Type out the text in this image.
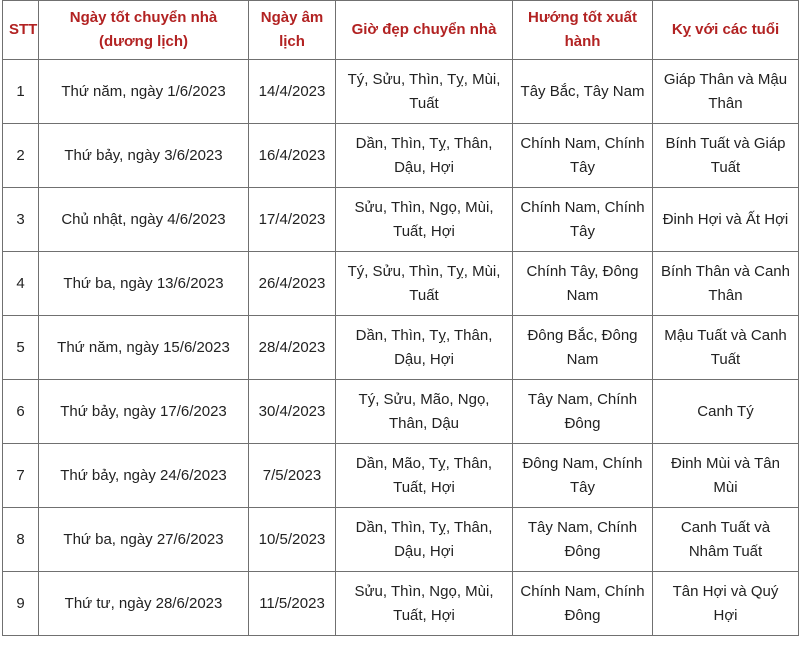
STT	Ngày tốt chuyển nhà (dương lịch)	Ngày âm lịch	Giờ đẹp chuyển nhà	Hướng tốt xuất hành	Kỵ với các tuổi
1	Thứ năm, ngày 1/6/2023	14/4/2023	Tý, Sửu, Thìn, Tỵ, Mùi, Tuất	Tây Bắc, Tây Nam	Giáp Thân và Mậu Thân
2	Thứ bảy, ngày 3/6/2023	16/4/2023	Dần, Thìn, Tỵ, Thân, Dậu, Hợi	Chính Nam, Chính Tây	Bính Tuất và Giáp Tuất
3	Chủ nhật, ngày 4/6/2023	17/4/2023	Sửu, Thìn, Ngọ, Mùi, Tuất, Hợi	Chính Nam, Chính Tây	Đinh Hợi và Ất Hợi
4	Thứ ba, ngày 13/6/2023	26/4/2023	Tý, Sửu, Thìn, Tỵ, Mùi, Tuất	Chính Tây, Đông Nam	Bính Thân và Canh Thân
5	Thứ năm, ngày 15/6/2023	28/4/2023	Dần, Thìn, Tỵ, Thân, Dậu, Hợi	Đông Bắc, Đông Nam	Mậu Tuất và Canh Tuất
6	Thứ bảy, ngày 17/6/2023	30/4/2023	Tý, Sửu, Mão, Ngọ, Thân, Dậu	Tây Nam, Chính Đông	Canh Tý
7	Thứ bảy, ngày 24/6/2023	7/5/2023	Dần, Mão, Tỵ, Thân, Tuất, Hợi	Đông Nam, Chính Tây	Đinh Mùi và Tân Mùi
8	Thứ ba, ngày 27/6/2023	10/5/2023	Dần, Thìn, Tỵ, Thân, Dậu, Hợi	Tây Nam, Chính Đông	Canh Tuất và Nhâm Tuất
9	Thứ tư, ngày 28/6/2023	11/5/2023	Sửu, Thìn, Ngọ, Mùi, Tuất, Hợi	Chính Nam, Chính Đông	Tân Hợi và Quý Hợi
